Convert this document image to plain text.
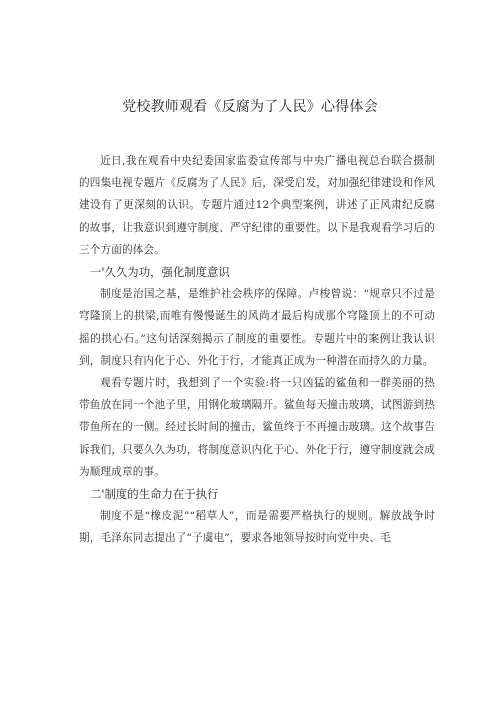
党校教师观看《反腐为了人民》心得体会

近日,我在观看中央纪委国家监委宣传部与中央广播电视总台联合摄制的四集电视专题片《反腐为了人民》后，深受启发，对加强纪律建设和作风建设有了更深刻的认识。专题片通过12个典型案例，讲述了正风肃纪反腐的故事，让我意识到遵守制度、严守纪律的重要性。以下是我观看学习后的三个方面的体会。

一'久久为功，强化制度意识

制度是治国之基，是维护社会秩序的保障。卢梭曾说：“规章只不过是穹隆顶上的拱梁,而唯有慢慢诞生的风尚才最后构成那个穹隆顶上的不可动摇的拱心石。”这句话深刻揭示了制度的重要性。专题片中的案例让我认识到，制度只有内化于心、外化于行，才能真正成为一种潜在而持久的力量。

观看专题片时，我想到了一个实验:将一只凶猛的鲨鱼和一群美丽的热带鱼放在同一个池子里，用钢化玻璃隔开。鲨鱼每天撞击玻璃，试图游到热带鱼所在的一侧。经过长时间的撞击，鲨鱼终于不再撞击玻璃。这个故事告诉我们，只要久久为功，将制度意识内化于心、外化于行，遵守制度就会成为顺理成章的事。

二'制度的生命力在于执行

制度不是“橡皮泥”“稻草人”，而是需要严格执行的规则。解放战争时期，毛泽东同志提出了“子虞电”，要求各地领导按时向党中央、毛
